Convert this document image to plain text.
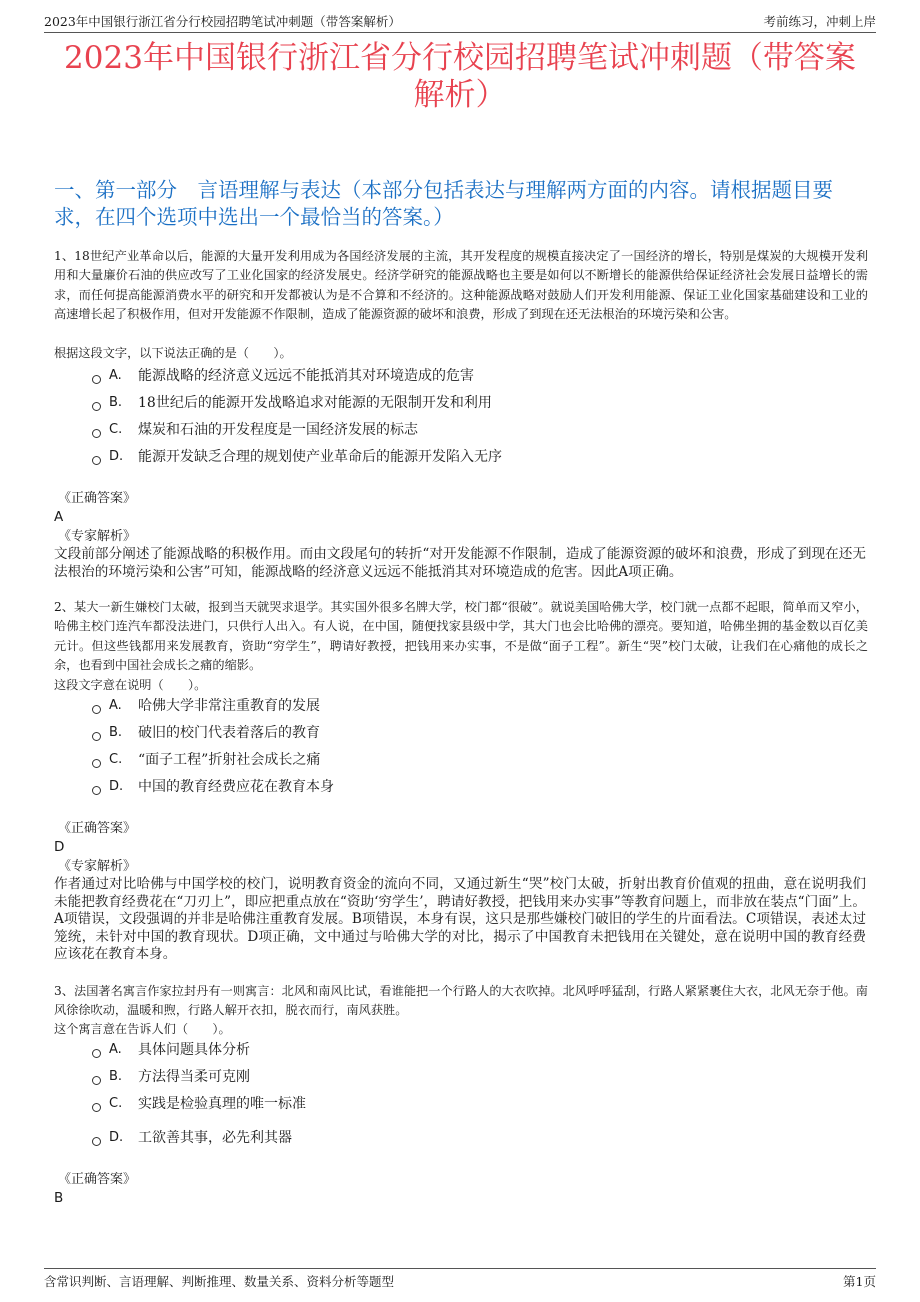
2023年中国银行浙江省分行校园招聘笔试冲刺题（带答案解析）	考前练习，冲刺上岸
2023年中国银行浙江省分行校园招聘笔试冲刺题（带答案解析）
一、第一部分　言语理解与表达（本部分包括表达与理解两方面的内容。请根据题目要求，在四个选项中选出一个最恰当的答案。）
1、18世纪产业革命以后，能源的大量开发利用成为各国经济发展的主流，其开发程度的规模直接决定了一国经济的增长，特别是煤炭的大规模开发利用和大量廉价石油的供应改写了工业化国家的经济发展史。经济学研究的能源战略也主要是如何以不断增长的能源供给保证经济社会发展日益增长的需求，而任何提高能源消费水平的研究和开发都被认为是不合算和不经济的。这种能源战略对鼓励人们开发利用能源、保证工业化国家基础建设和工业的高速增长起了积极作用，但对开发能源不作限制，造成了能源资源的破坏和浪费，形成了到现在还无法根治的环境污染和公害。
根据这段文字，以下说法正确的是（　　）。
A.	能源战略的经济意义远远不能抵消其对环境造成的危害
B.	18世纪后的能源开发战略追求对能源的无限制开发和利用
C.	煤炭和石油的开发程度是一国经济发展的标志
D.	能源开发缺乏合理的规划使产业革命后的能源开发陷入无序
《正确答案》
A
《专家解析》
文段前部分阐述了能源战略的积极作用。而由文段尾句的转折“对开发能源不作限制，造成了能源资源的破坏和浪费，形成了到现在还无法根治的环境污染和公害”可知，能源战略的经济意义远远不能抵消其对环境造成的危害。因此A项正确。
2、某大一新生嫌校门太破，报到当天就哭求退学。其实国外很多名牌大学，校门都“很破”。就说美国哈佛大学，校门就一点都不起眼，简单而又窄小，哈佛主校门连汽车都没法进门，只供行人出入。有人说，在中国，随便找家县级中学，其大门也会比哈佛的漂亮。要知道，哈佛坐拥的基金数以百亿美元计。但这些钱都用来发展教育，资助“穷学生”，聘请好教授，把钱用来办实事，不是做“面子工程”。新生“哭”校门太破，让我们在心痛他的成长之余，也看到中国社会成长之痛的缩影。
这段文字意在说明（　　）。
A.	哈佛大学非常注重教育的发展
B.	破旧的校门代表着落后的教育
C.	“面子工程”折射社会成长之痛
D.	中国的教育经费应花在教育本身
《正确答案》
D
《专家解析》
作者通过对比哈佛与中国学校的校门，说明教育资金的流向不同，又通过新生“哭”校门太破，折射出教育价值观的扭曲，意在说明我们未能把教育经费花在“刀刃上”，即应把重点放在“资助‘穷学生’，聘请好教授，把钱用来办实事”等教育问题上，而非放在装点“门面”上。A项错误，文段强调的并非是哈佛注重教育发展。B项错误，本身有误，这只是那些嫌校门破旧的学生的片面看法。C项错误，表述太过笼统，未针对中国的教育现状。D项正确，文中通过与哈佛大学的对比，揭示了中国教育未把钱用在关键处，意在说明中国的教育经费应该花在教育本身。
3、法国著名寓言作家拉封丹有一则寓言：北风和南风比试，看谁能把一个行路人的大衣吹掉。北风呼呼猛刮，行路人紧紧裹住大衣，北风无奈于他。南风徐徐吹动，温暖和煦，行路人解开衣扣，脱衣而行，南风获胜。
这个寓言意在告诉人们（　　）。
A.	具体问题具体分析
B.	方法得当柔可克刚
C.	实践是检验真理的唯一标准
D.	工欲善其事，必先利其器
《正确答案》
B
含常识判断、言语理解、判断推理、数量关系、资料分析等题型	第1页
